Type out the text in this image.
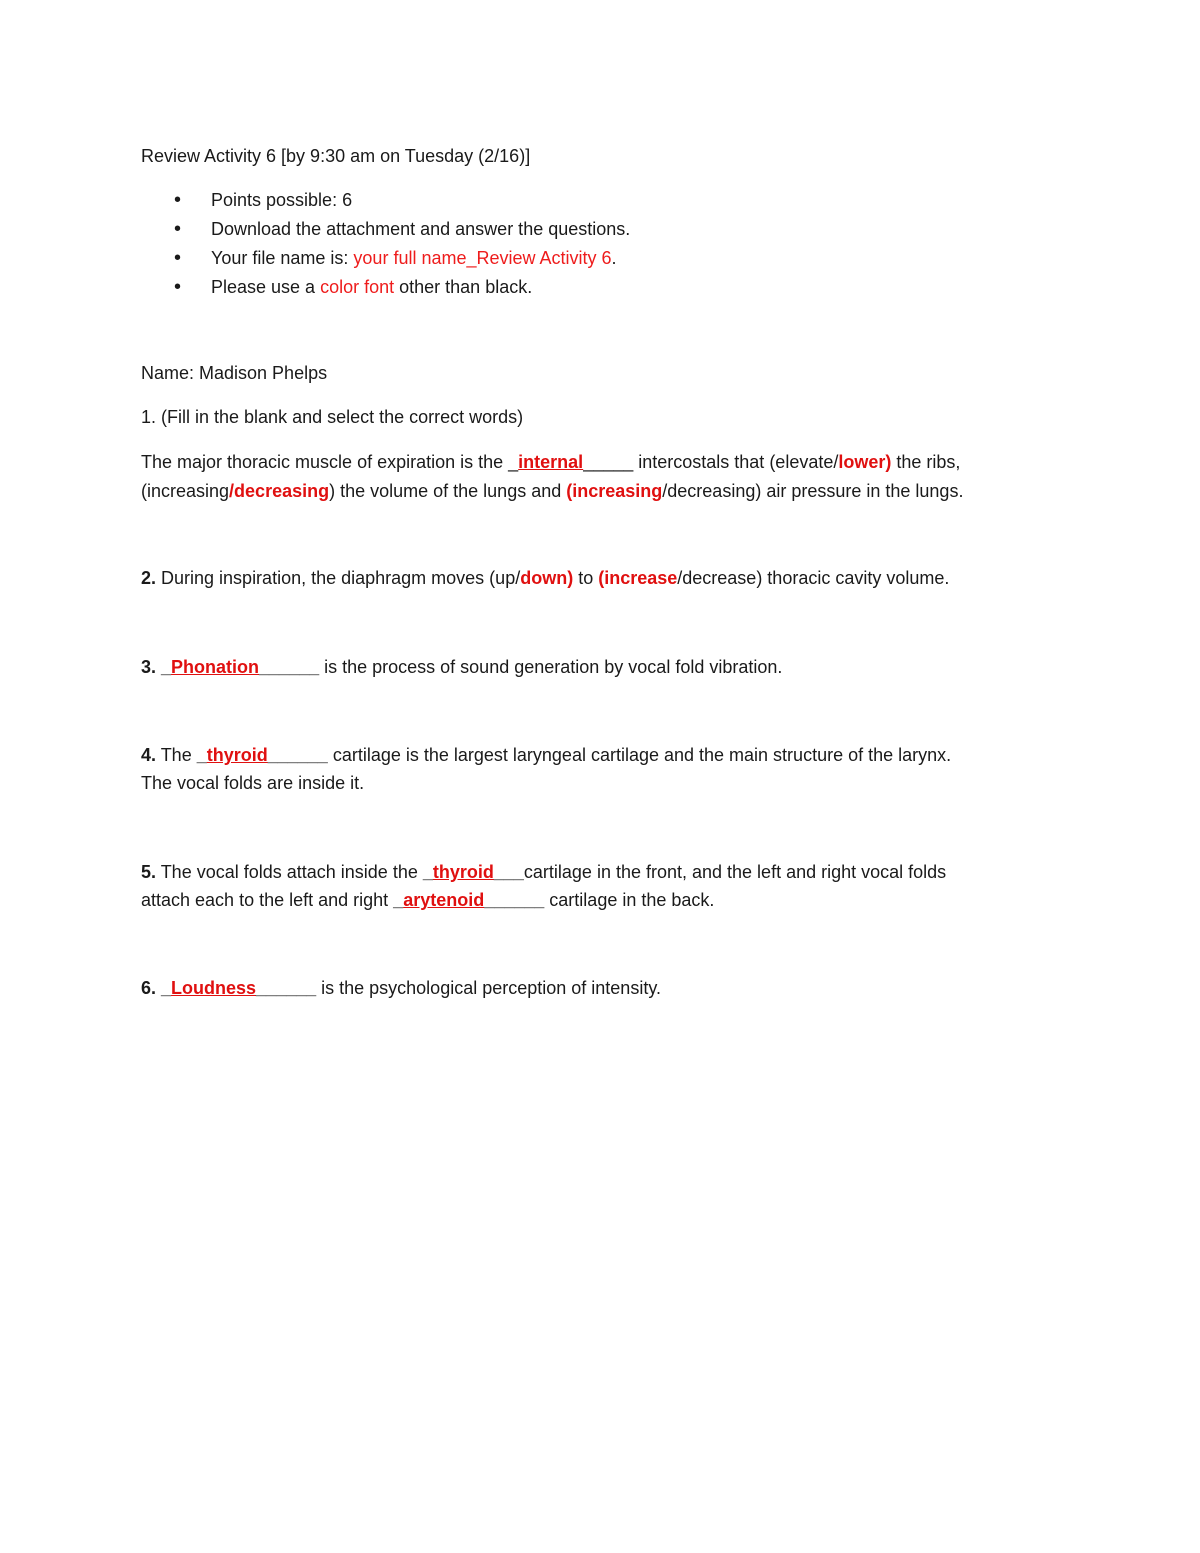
Review Activity 6 [by 9:30 am on Tuesday (2/16)]
• Points possible: 6
• Download the attachment and answer the questions.
• Your file name is: your full name_Review Activity 6.
• Please use a color font other than black.
Name: Madison Phelps
1. (Fill in the blank and select the correct words)
The major thoracic muscle of expiration is the _internal_____ intercostals that (elevate/lower) the ribs,
(increasing/decreasing) the volume of the lungs and (increasing/decreasing) air pressure in the lungs.
2. During inspiration, the diaphragm moves (up/down) to (increase/decrease) thoracic cavity volume.
3. _Phonation______ is the process of sound generation by vocal fold vibration.
4. The _thyroid______ cartilage is the largest laryngeal cartilage and the main structure of the larynx.
The vocal folds are inside it.
5. The vocal folds attach inside the _thyroid___cartilage in the front, and the left and right vocal folds
attach each to the left and right _arytenoid______ cartilage in the back.
6. _Loudness______ is the psychological perception of intensity.
